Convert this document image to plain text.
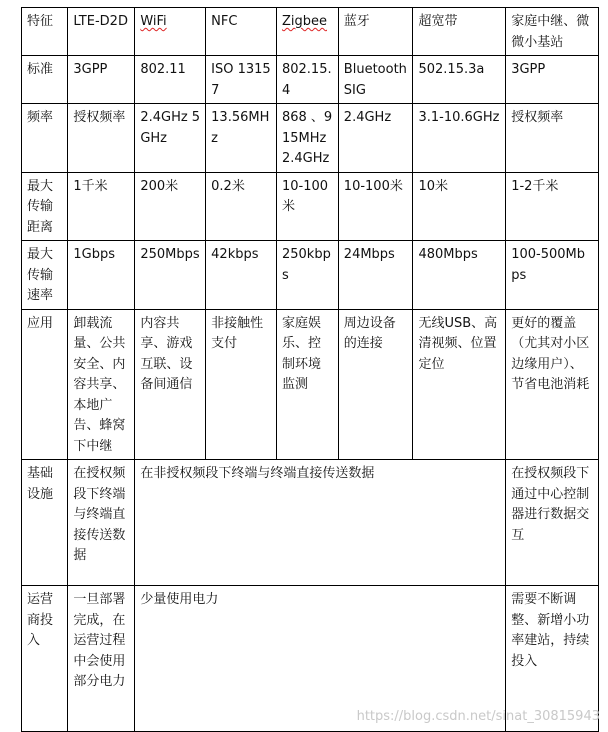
特征	LTE-D2D	WiFi	NFC	Zigbee	蓝牙	超宽带	家庭中继、微微小基站
标准	3GPP	802.11	ISO 13157	802.15.4	Bluetooth SIG	502.15.3a	3GPP
频率	授权频率	2.4GHz 5GHz	13.56MHz	868 、915MHz 2.4GHz	2.4GHz	3.1-10.6GHz	授权频率
最大传输距离	1千米	200米	0.2米	10-100米	10-100米	10米	1-2千米
最大传输速率	1Gbps	250Mbps	42kbps	250kbps	24Mbps	480Mbps	100-500Mbps
应用	卸载流量、公共安全、内容共享、本地广告、蜂窝下中继	内容共享、游戏互联、设备间通信	非接触性支付	家庭娱乐、控制环境监测	周边设备的连接	无线USB、高清视频、位置定位	更好的覆盖（尤其对小区边缘用户）、节省电池消耗
基础设施	在授权频段下终端与终端直接传送数据	在非授权频段下终端与终端直接传送数据					在授权频段下通过中心控制器进行数据交互
运营商投入	一旦部署完成，在运营过程中会使用部分电力	少量使用电力					需要不断调整、新增小功率建站，持续投入
https://blog.csdn.net/sinat_30815943
